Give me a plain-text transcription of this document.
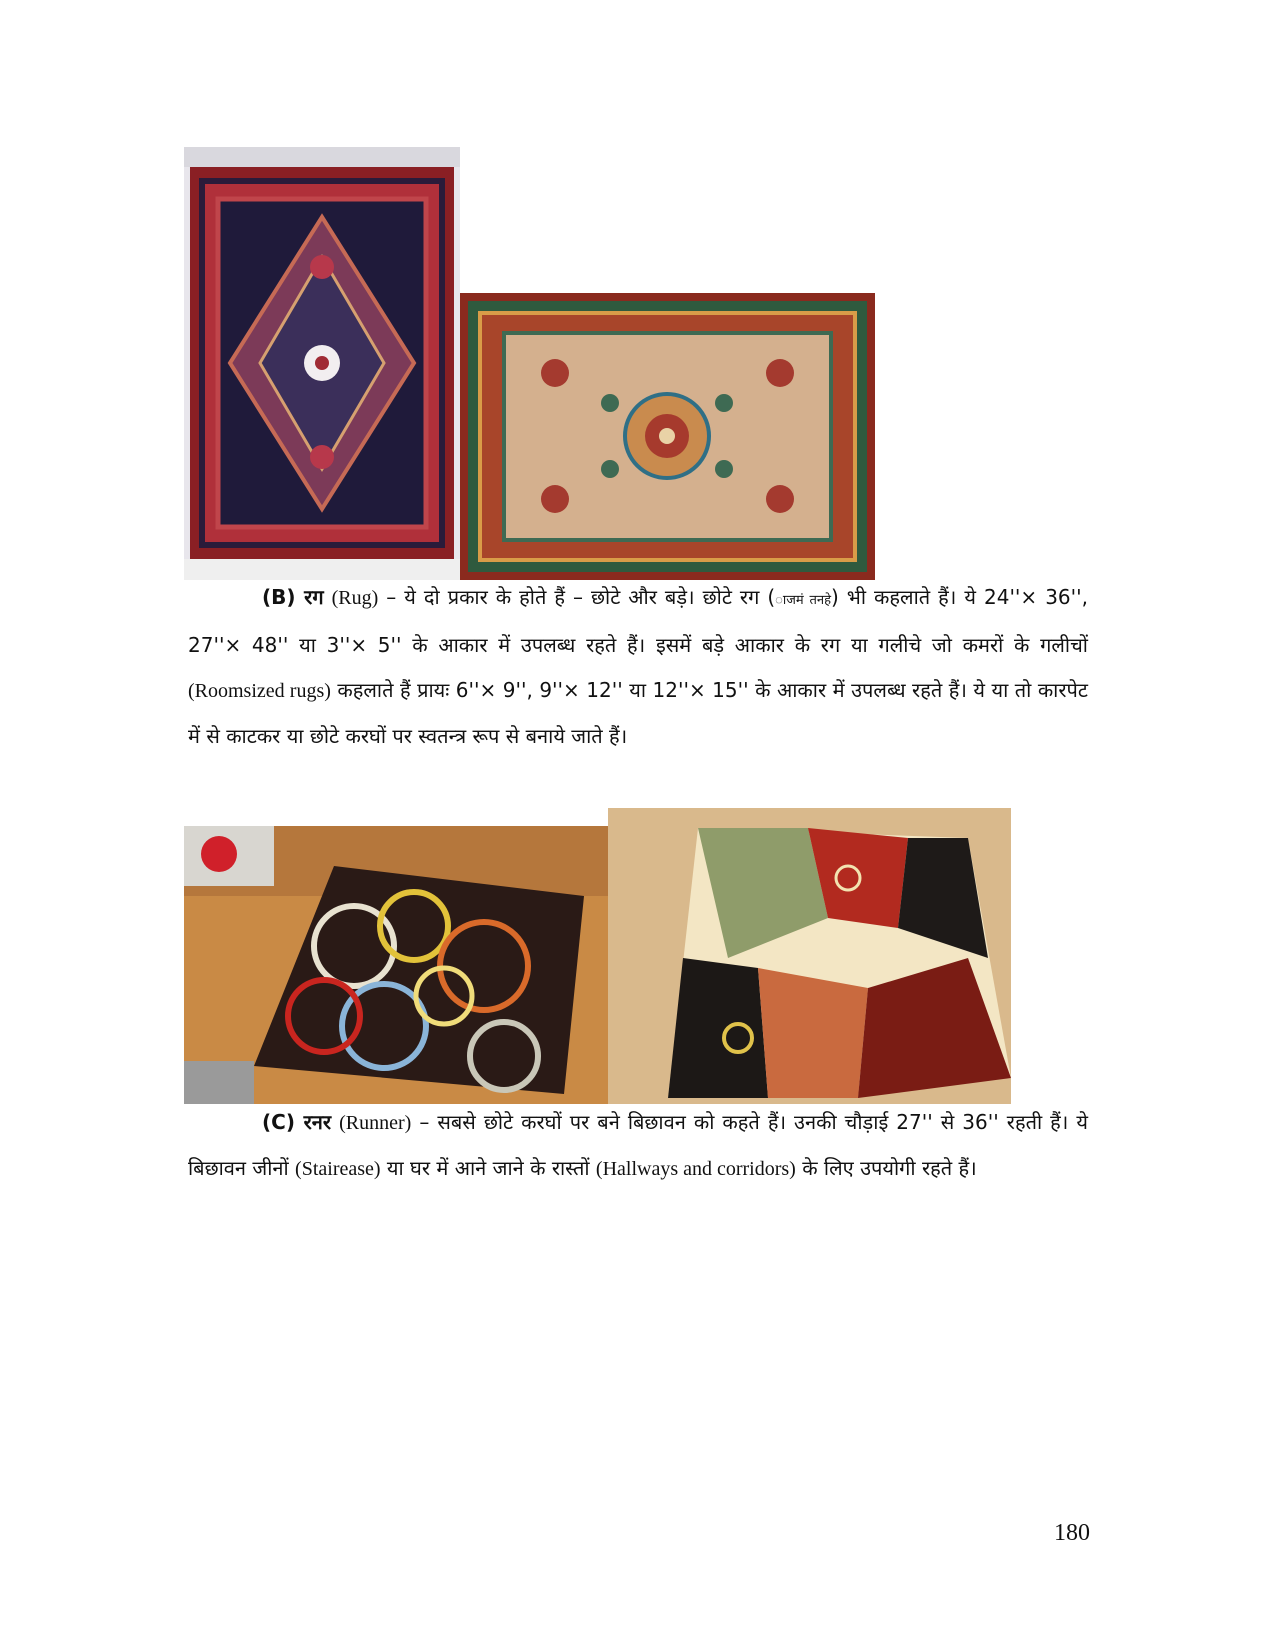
(B) रग (Rug) – ये दो प्रकार के होते हैं – छोटे और बड़े। छोटे रग (ाजमं तनहे) भी कहलाते हैं। ये 24''× 36'', 27''× 48'' या 3''× 5'' के आकार में उपलब्ध रहते हैं। इसमें बड़े आकार के रग या गलीचे जो कमरों के गलीचों (Roomsized rugs) कहलाते हैं प्रायः 6''× 9'', 9''× 12'' या 12''× 15'' के आकार में उपलब्ध रहते हैं। ये या तो कारपेट में से काटकर या छोटे करघों पर स्वतन्त्र रूप से बनाये जाते हैं।
(C) रनर (Runner) – सबसे छोटे करघों पर बने बिछावन को कहते हैं। उनकी चौड़ाई 27'' से 36'' रहती हैं। ये बिछावन जीनों (Stairease) या घर में आने जाने के रास्तों (Hallways and corridors) के लिए उपयोगी रहते हैं।
180
